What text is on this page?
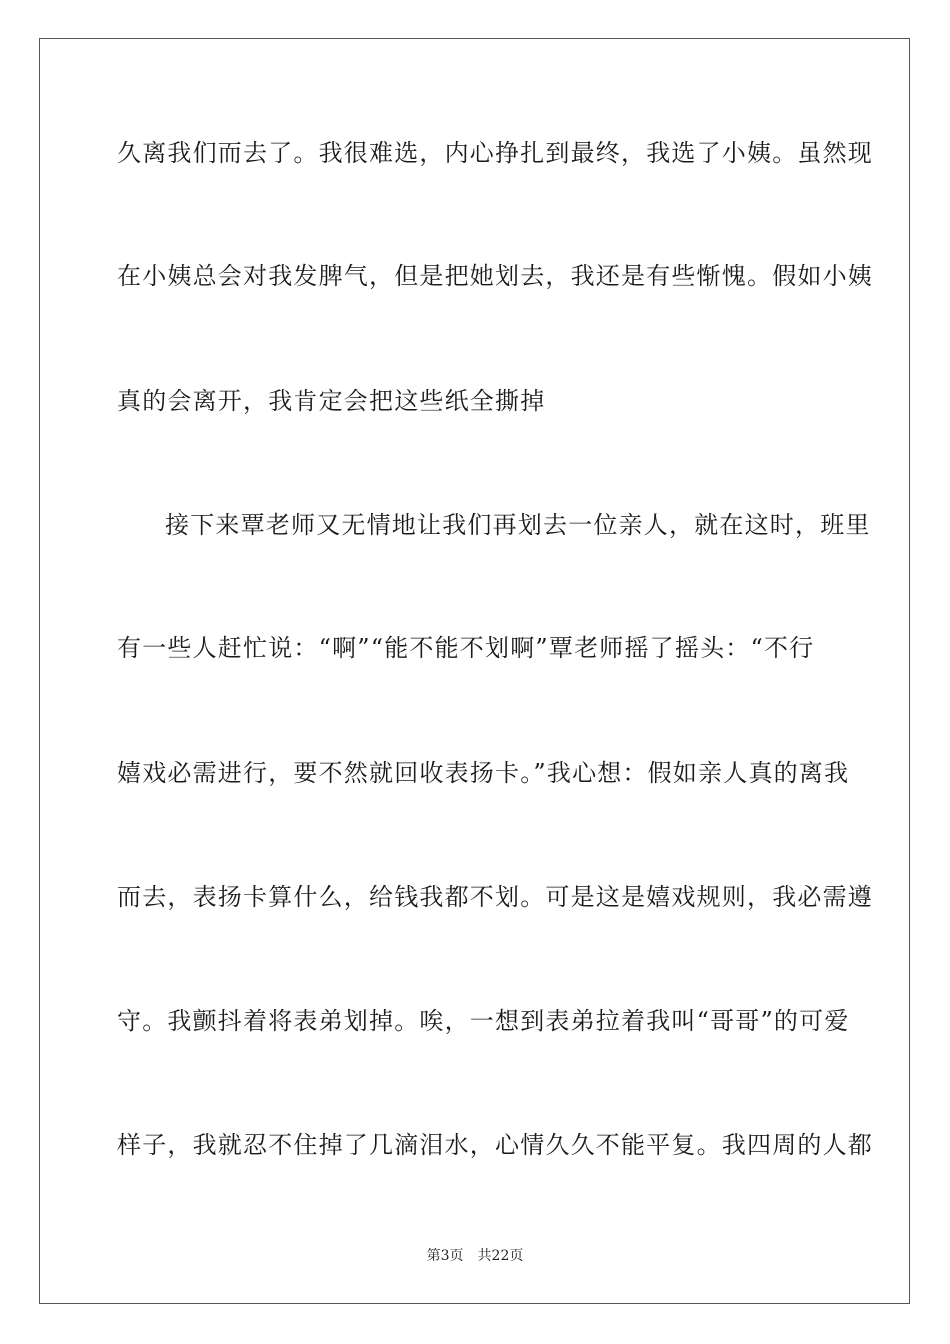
久离我们而去了。我很难选，内心挣扎到最终，我选了小姨。虽然现
在小姨总会对我发脾气，但是把她划去，我还是有些惭愧。假如小姨
真的会离开，我肯定会把这些纸全撕掉
接下来覃老师又无情地让我们再划去一位亲人，就在这时，班里
有一些人赶忙说：“啊”“能不能不划啊”覃老师摇了摇头：“不行
嬉戏必需进行，要不然就回收表扬卡。”我心想：假如亲人真的离我
而去，表扬卡算什么，给钱我都不划。可是这是嬉戏规则，我必需遵
守。我颤抖着将表弟划掉。唉，一想到表弟拉着我叫“哥哥”的可爱
样子，我就忍不住掉了几滴泪水，心情久久不能平复。我四周的人都
第3页 共22页
